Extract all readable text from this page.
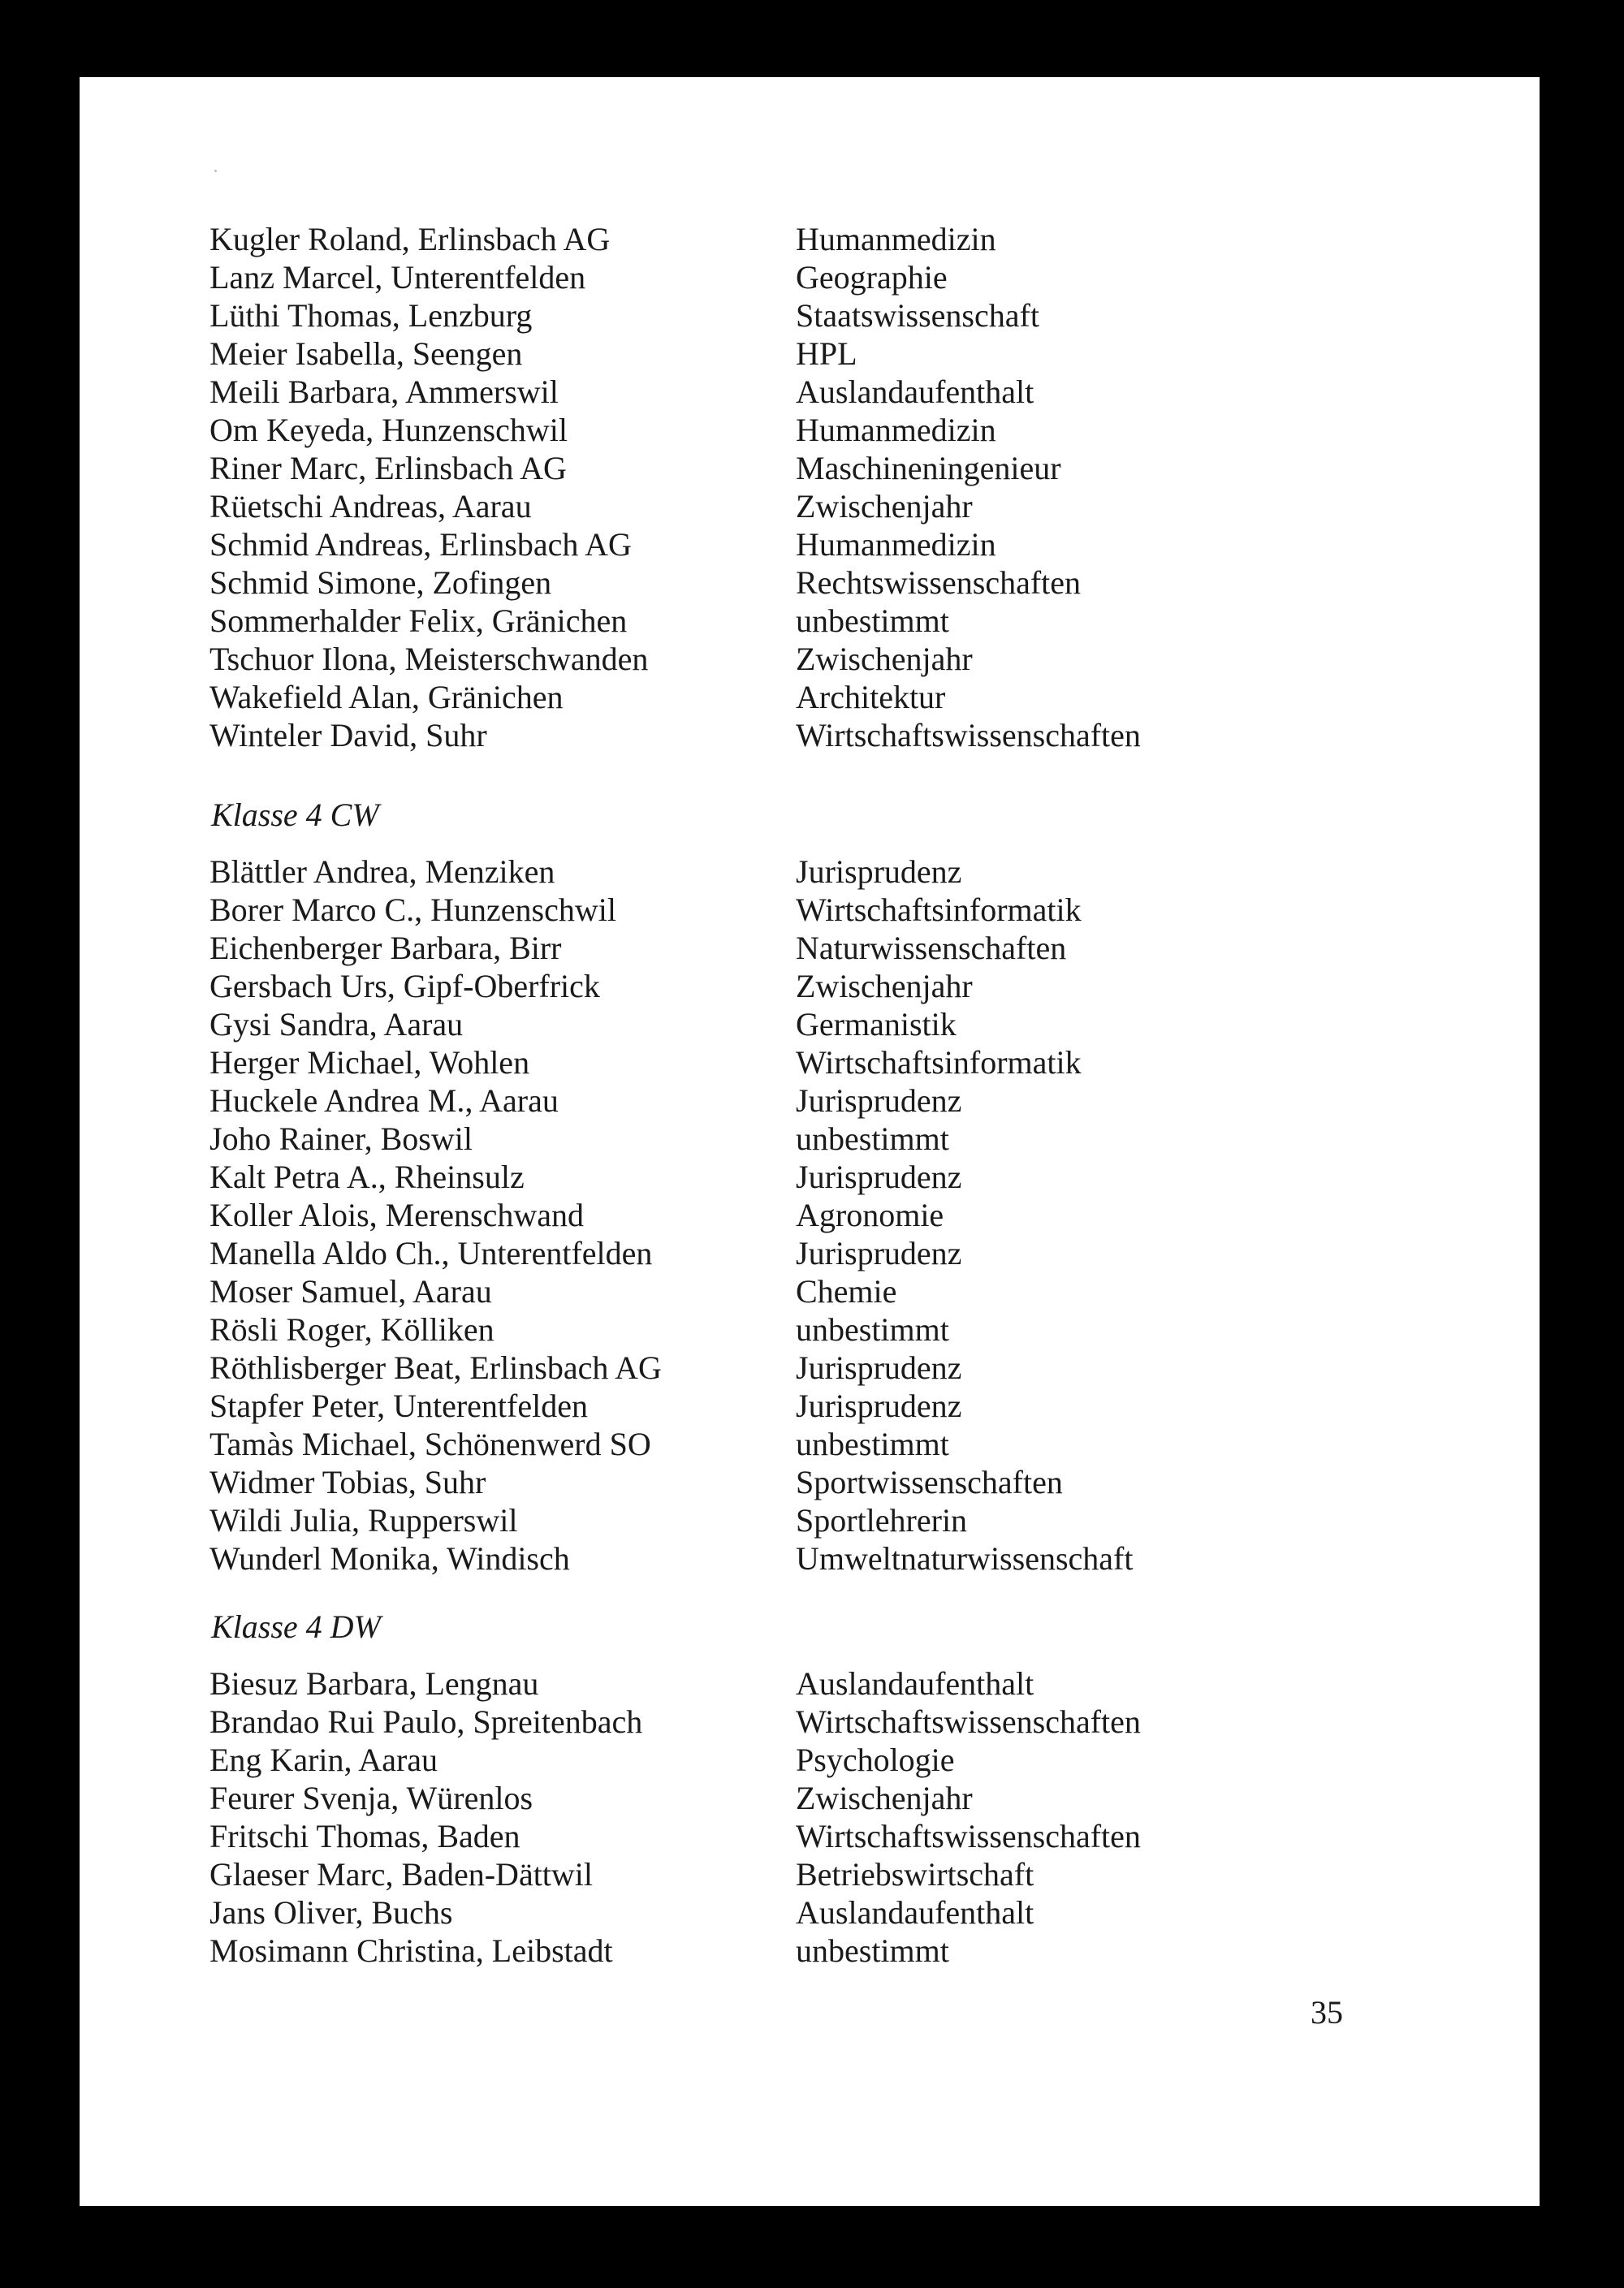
Kugler Roland, Erlinsbach AG	Humanmedizin
Lanz Marcel, Unterentfelden	Geographie
Lüthi Thomas, Lenzburg	Staatswissenschaft
Meier Isabella, Seengen	HPL
Meili Barbara, Ammerswil	Auslandaufenthalt
Om Keyeda, Hunzenschwil	Humanmedizin
Riner Marc, Erlinsbach AG	Maschineningenieur
Rüetschi Andreas, Aarau	Zwischenjahr
Schmid Andreas, Erlinsbach AG	Humanmedizin
Schmid Simone, Zofingen	Rechtswissenschaften
Sommerhalder Felix, Gränichen	unbestimmt
Tschuor Ilona, Meisterschwanden	Zwischenjahr
Wakefield Alan, Gränichen	Architektur
Winteler David, Suhr	Wirtschaftswissenschaften
Klasse 4 CW
Blättler Andrea, Menziken	Jurisprudenz
Borer Marco C., Hunzenschwil	Wirtschaftsinformatik
Eichenberger Barbara, Birr	Naturwissenschaften
Gersbach Urs, Gipf-Oberfrick	Zwischenjahr
Gysi Sandra, Aarau	Germanistik
Herger Michael, Wohlen	Wirtschaftsinformatik
Huckele Andrea M., Aarau	Jurisprudenz
Joho Rainer, Boswil	unbestimmt
Kalt Petra A., Rheinsulz	Jurisprudenz
Koller Alois, Merenschwand	Agronomie
Manella Aldo Ch., Unterentfelden	Jurisprudenz
Moser Samuel, Aarau	Chemie
Rösli Roger, Kölliken	unbestimmt
Röthlisberger Beat, Erlinsbach AG	Jurisprudenz
Stapfer Peter, Unterentfelden	Jurisprudenz
Tamàs Michael, Schönenwerd SO	unbestimmt
Widmer Tobias, Suhr	Sportwissenschaften
Wildi Julia, Rupperswil	Sportlehrerin
Wunderl Monika, Windisch	Umweltnaturwissenschaft
Klasse 4 DW
Biesuz Barbara, Lengnau	Auslandaufenthalt
Brandao Rui Paulo, Spreitenbach	Wirtschaftswissenschaften
Eng Karin, Aarau	Psychologie
Feurer Svenja, Würenlos	Zwischenjahr
Fritschi Thomas, Baden	Wirtschaftswissenschaften
Glaeser Marc, Baden-Dättwil	Betriebswirtschaft
Jans Oliver, Buchs	Auslandaufenthalt
Mosimann Christina, Leibstadt	unbestimmt
35
